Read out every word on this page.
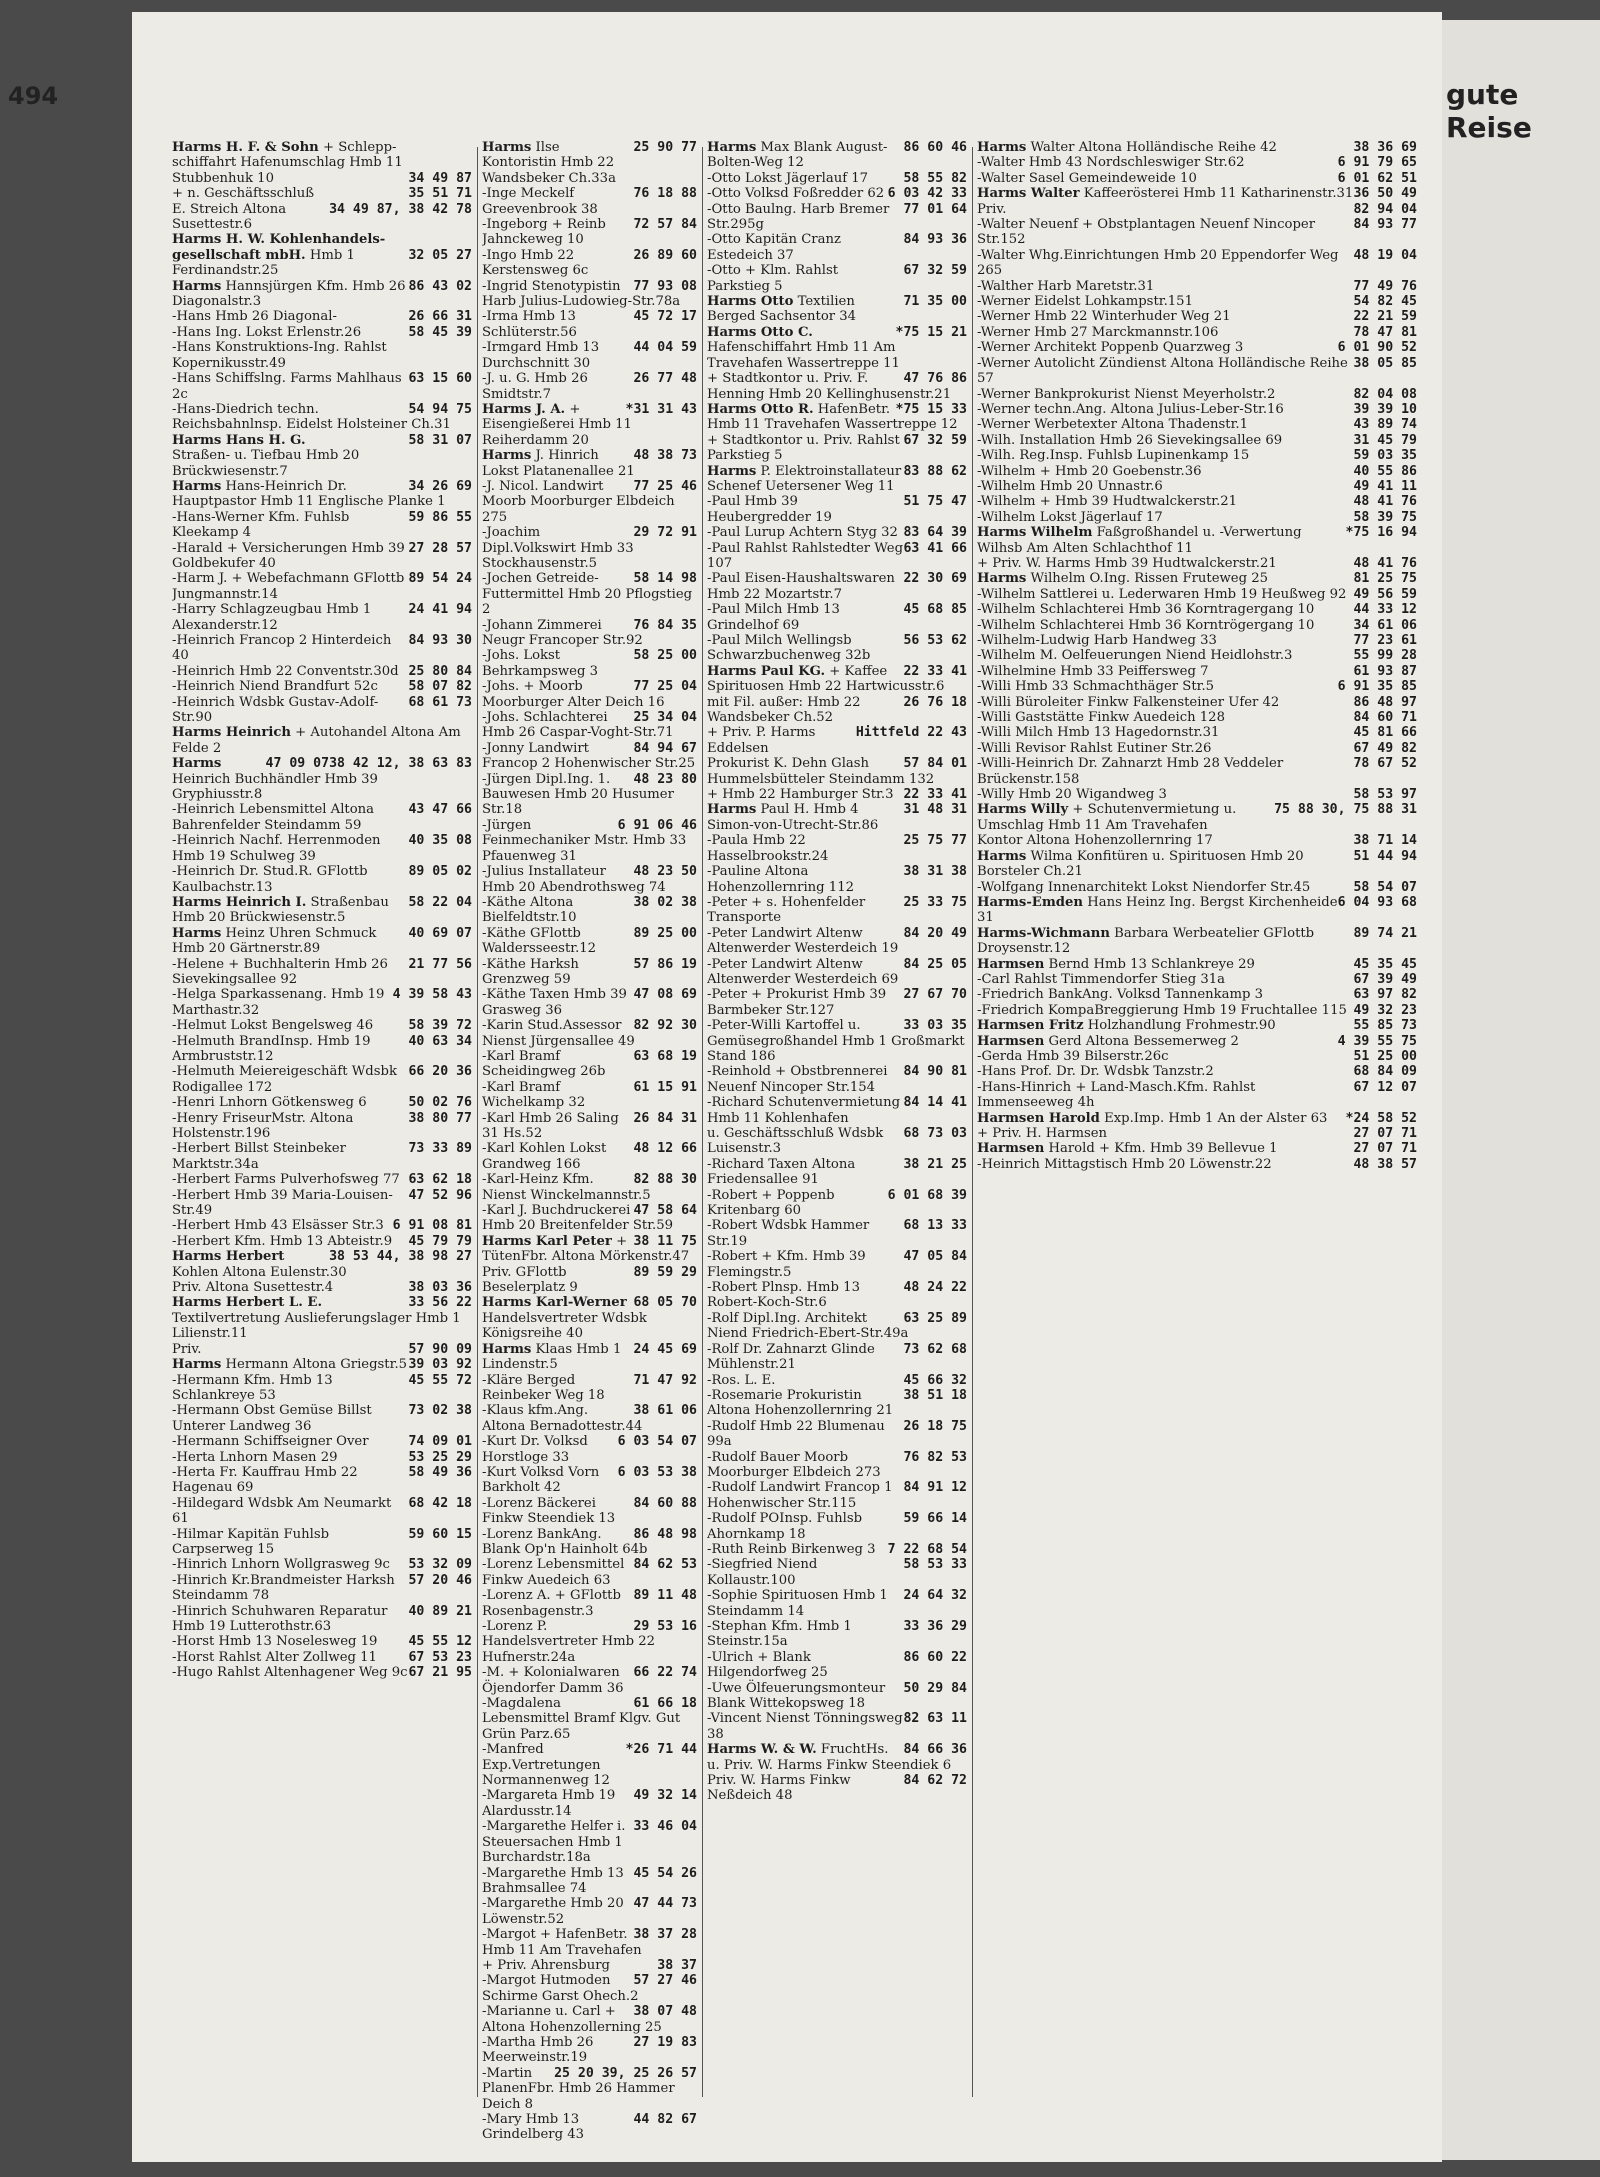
494
Harms H. F. & Sohn + Schlepp-
schiffahrt Hafenumschlag Hmb 11
34 49 87
Stubbenhuk 10
35 51 71
+ n. Geschäftsschluß
34 49 87, 38 42 78
E. Streich Altona Susettestr.6
Harms H. W. Kohlenhandels-
32 05 27
gesellschaft mbH. Hmb 1 Ferdinandstr.25
86 43 02
Harms Hannsjürgen Kfm. Hmb 26 Diagonalstr.3
26 66 31
-Hans Hmb 26 Diagonal-
58 45 39
-Hans Ing. Lokst Erlenstr.26
-Hans Konstruktions-Ing. Rahlst Kopernikusstr.49
63 15 60
-Hans Schiffslng. Farms Mahlhaus 2c
54 94 75
-Hans-Diedrich techn. Reichsbahnlnsp. Eidelst Holsteiner Ch.31
58 31 07
Harms Hans H. G.
Straßen- u. Tiefbau Hmb 20 Brückwiesenstr.7
34 26 69
Harms Hans-Heinrich Dr. Hauptpastor Hmb 11 Englische Planke 1
59 86 55
-Hans-Werner Kfm. Fuhlsb Kleekamp 4
27 28 57
-Harald + Versicherungen Hmb 39 Goldbekufer 40
89 54 24
-Harm J. + Webefachmann GFlottb Jungmannstr.14
24 41 94
-Harry Schlagzeugbau Hmb 1 Alexanderstr.12
84 93 30
-Heinrich Francop 2 Hinterdeich 40
25 80 84
-Heinrich Hmb 22 Conventstr.30d
58 07 82
-Heinrich Niend Brandfurt 52c
68 61 73
-Heinrich Wdsbk Gustav-Adolf-Str.90
Harms Heinrich + Autohandel Altona Am Felde 2
38 42 12, 38 63 83
47 09 07
Harms Heinrich Buchhändler Hmb 39 Gryphiusstr.8
43 47 66
-Heinrich Lebensmittel Altona Bahrenfelder Steindamm 59
40 35 08
-Heinrich Nachf. Herrenmoden Hmb 19 Schulweg 39
89 05 02
-Heinrich Dr. Stud.R. GFlottb Kaulbachstr.13
58 22 04
Harms Heinrich I. Straßenbau Hmb 20 Brückwiesenstr.5
40 69 07
Harms Heinz Uhren Schmuck Hmb 20 Gärtnerstr.89
21 77 56
-Helene + Buchhalterin Hmb 26 Sievekingsallee 92
4 39 58 43
-Helga Sparkassenang. Hmb 19 Marthastr.32
58 39 72
-Helmut Lokst Bengelsweg 46
40 63 34
-Helmuth BrandInsp. Hmb 19 Armbruststr.12
66 20 36
-Helmuth Meiereigeschäft Wdsbk Rodigallee 172
50 02 76
-Henri Lnhorn Götkensweg 6
38 80 77
-Henry FriseurMstr. Altona Holstenstr.196
73 33 89
-Herbert Billst Steinbeker Marktstr.34a
63 62 18
-Herbert Farms Pulverhofsweg 77
47 52 96
-Herbert Hmb 39 Maria-Louisen-Str.49
6 91 08 81
-Herbert Hmb 43 Elsässer Str.3
45 79 79
-Herbert Kfm. Hmb 13 Abteistr.9
38 53 44, 38 98 27
Harms Herbert Kohlen Altona Eulenstr.30
38 03 36
Priv. Altona Susettestr.4
33 56 22
Harms Herbert L. E. Textilvertretung Auslieferungslager Hmb 1 Lilienstr.11
57 90 09
Priv.
39 03 92
Harms Hermann Altona Griegstr.5
45 55 72
-Hermann Kfm. Hmb 13 Schlankreye 53
73 02 38
-Hermann Obst Gemüse Billst Unterer Landweg 36
74 09 01
-Hermann Schiffseigner Over
53 25 29
-Herta Lnhorn Masen 29
58 49 36
-Herta Fr. Kauffrau Hmb 22 Hagenau 69
68 42 18
-Hildegard Wdsbk Am Neumarkt 61
59 60 15
-Hilmar Kapitän Fuhlsb Carpserweg 15
53 32 09
-Hinrich Lnhorn Wollgrasweg 9c
57 20 46
-Hinrich Kr.Brandmeister Harksh Steindamm 78
40 89 21
-Hinrich Schuhwaren Reparatur Hmb 19 Lutterothstr.63
45 55 12
-Horst Hmb 13 Noselesweg 19
67 53 23
-Horst Rahlst Alter Zollweg 11
67 21 95
-Hugo Rahlst Altenhagener Weg 9c
25 90 77
Harms Ilse Kontoristin Hmb 22 Wandsbeker Ch.33a
76 18 88
-Inge Meckelf Greevenbrook 38
72 57 84
-Ingeborg + Reinb Jahnckeweg 10
26 89 60
-Ingo Hmb 22 Kerstensweg 6c
77 93 08
-Ingrid Stenotypistin Harb Julius-Ludowieg-Str.78a
45 72 17
-Irma Hmb 13 Schlüterstr.56
44 04 59
-Irmgard Hmb 13 Durchschnitt 30
26 77 48
-J. u. G. Hmb 26 Smidtstr.7
*31 31 43
Harms J. A. + Eisengießerei Hmb 11 Reiherdamm 20
48 38 73
Harms J. Hinrich Lokst Platanenallee 21
77 25 46
-J. Nicol. Landwirt Moorb Moorburger Elbdeich 275
29 72 91
-Joachim Dipl.Volkswirt Hmb 33 Stockhausenstr.5
58 14 98
-Jochen Getreide- Futtermittel Hmb 20 Pflogstieg 2
76 84 35
-Johann Zimmerei Neugr Francoper Str.92
58 25 00
-Johs. Lokst Behrkampsweg 3
77 25 04
-Johs. + Moorb Moorburger Alter Deich 16
25 34 04
-Johs. Schlachterei Hmb 26 Caspar-Voght-Str.71
84 94 67
-Jonny Landwirt Francop 2 Hohenwischer Str.25
48 23 80
-Jürgen Dipl.Ing. 1. Bauwesen Hmb 20 Husumer Str.18
6 91 06 46
-Jürgen Feinmechaniker Mstr. Hmb 33 Pfauenweg 31
48 23 50
-Julius Installateur Hmb 20 Abendrothsweg 74
38 02 38
-Käthe Altona Bielfeldtstr.10
89 25 00
-Käthe GFlottb Waldersseestr.12
57 86 19
-Käthe Harksh Grenzweg 59
47 08 69
-Käthe Taxen Hmb 39 Grasweg 36
82 92 30
-Karin Stud.Assessor Nienst Jürgensallee 49
63 68 19
-Karl Bramf Scheidingweg 26b
61 15 91
-Karl Bramf Wichelkamp 32
26 84 31
-Karl Hmb 26 Saling 31 Hs.52
48 12 66
-Karl Kohlen Lokst Grandweg 166
82 88 30
-Karl-Heinz Kfm. Nienst Winckelmannstr.5
47 58 64
-Karl J. Buchdruckerei Hmb 20 Breitenfelder Str.59
38 11 75
Harms Karl Peter + TütenFbr. Altona Mörkenstr.47
89 59 29
Priv. GFlottb Beselerplatz 9
68 05 70
Harms Karl-Werner Handelsvertreter Wdsbk Königsreihe 40
24 45 69
Harms Klaas Hmb 1 Lindenstr.5
71 47 92
-Kläre Berged Reinbeker Weg 18
38 61 06
-Klaus kfm.Ang. Altona Bernadottestr.44
6 03 54 07
-Kurt Dr. Volksd Horstloge 33
6 03 53 38
-Kurt Volksd Vorn Barkholt 42
84 60 88
-Lorenz Bäckerei Finkw Steendiek 13
86 48 98
-Lorenz BankAng. Blank Op'n Hainholt 64b
84 62 53
-Lorenz Lebensmittel Finkw Auedeich 63
89 11 48
-Lorenz A. + GFlottb Rosenbagenstr.3
29 53 16
-Lorenz P. Handelsvertreter Hmb 22 Hufnerstr.24a
66 22 74
-M. + Kolonialwaren Öjendorfer Damm 36
61 66 18
-Magdalena Lebensmittel Bramf Klgv. Gut Grün Parz.65
*26 71 44
-Manfred Exp.Vertretungen Normannenweg 12
49 32 14
-Margareta Hmb 19 Alardusstr.14
33 46 04
-Margarethe Helfer i. Steuersachen Hmb 1 Burchardstr.18a
45 54 26
-Margarethe Hmb 13 Brahmsallee 74
47 44 73
-Margarethe Hmb 20 Löwenstr.52
38 37 28
-Margot + HafenBetr. Hmb 11 Am Travehafen
38 37
+ Priv. Ahrensburg
57 27 46
-Margot Hutmoden Schirme Garst Ohech.2
38 07 48
-Marianne u. Carl + Altona Hohenzollerning 25
27 19 83
-Martha Hmb 26 Meerweinstr.19
25 20 39, 25 26 57
-Martin PlanenFbr. Hmb 26 Hammer Deich 8
44 82 67
-Mary Hmb 13 Grindelberg 43
86 60 46
Harms Max Blank August-Bolten-Weg 12
58 55 82
-Otto Lokst Jägerlauf 17
6 03 42 33
-Otto Volksd Foßredder 62
77 01 64
-Otto Baulng. Harb Bremer Str.295g
84 93 36
-Otto Kapitän Cranz Estedeich 37
67 32 59
-Otto + Klm. Rahlst Parkstieg 5
71 35 00
Harms Otto Textilien Berged Sachsentor 34
*75 15 21
Harms Otto C. Hafenschiffahrt Hmb 11 Am Travehafen Wassertreppe 11
47 76 86
+ Stadtkontor u. Priv. F. Henning Hmb 20 Kellinghusenstr.21
*75 15 33
Harms Otto R. HafenBetr. Hmb 11 Travehafen Wassertreppe 12
67 32 59
+ Stadtkontor u. Priv. Rahlst Parkstieg 5
83 88 62
Harms P. Elektroinstallateur Schenef Uetersener Weg 11
51 75 47
-Paul Hmb 39 Heubergredder 19
83 64 39
-Paul Lurup Achtern Styg 32
63 41 66
-Paul Rahlst Rahlstedter Weg 107
22 30 69
-Paul Eisen-Haushaltswaren Hmb 22 Mozartstr.7
45 68 85
-Paul Milch Hmb 13 Grindelhof 69
56 53 62
-Paul Milch Wellingsb Schwarzbuchenweg 32b
22 33 41
Harms Paul KG. + Kaffee Spirituosen Hmb 22 Hartwicusstr.6
26 76 18
mit Fil. außer: Hmb 22 Wandsbeker Ch.52
Hittfeld 22 43
+ Priv. P. Harms Eddelsen
57 84 01
Prokurist K. Dehn Glash Hummelsbütteler Steindamm 132
22 33 41
+ Hmb 22 Hamburger Str.3
31 48 31
Harms Paul H. Hmb 4 Simon-von-Utrecht-Str.86
25 75 77
-Paula Hmb 22 Hasselbrookstr.24
38 31 38
-Pauline Altona Hohenzollernring 112
25 33 75
-Peter + s. Hohenfelder Transporte
84 20 49
-Peter Landwirt Altenw Altenwerder Westerdeich 19
84 25 05
-Peter Landwirt Altenw Altenwerder Westerdeich 69
27 67 70
-Peter + Prokurist Hmb 39 Barmbeker Str.127
33 03 35
-Peter-Willi Kartoffel u. Gemüsegroßhandel Hmb 1 Großmarkt Stand 186
84 90 81
-Reinhold + Obstbrennerei Neuenf Nincoper Str.154
84 14 41
-Richard Schutenvermietung Hmb 11 Kohlenhafen
68 73 03
u. Geschäftsschluß Wdsbk Luisenstr.3
38 21 25
-Richard Taxen Altona Friedensallee 91
6 01 68 39
-Robert + Poppenb Kritenbarg 60
68 13 33
-Robert Wdsbk Hammer Str.19
47 05 84
-Robert + Kfm. Hmb 39 Flemingstr.5
48 24 22
-Robert Plnsp. Hmb 13 Robert-Koch-Str.6
63 25 89
-Rolf Dipl.Ing. Architekt Niend Friedrich-Ebert-Str.49a
73 62 68
-Rolf Dr. Zahnarzt Glinde Mühlenstr.21
45 66 32
-Ros. L. E.
38 51 18
-Rosemarie Prokuristin Altona Hohenzollernring 21
26 18 75
-Rudolf Hmb 22 Blumenau 99a
76 82 53
-Rudolf Bauer Moorb Moorburger Elbdeich 273
84 91 12
-Rudolf Landwirt Francop 1 Hohenwischer Str.115
59 66 14
-Rudolf POInsp. Fuhlsb Ahornkamp 18
7 22 68 54
-Ruth Reinb Birkenweg 3
58 53 33
-Siegfried Niend Kollaustr.100
24 64 32
-Sophie Spirituosen Hmb 1 Steindamm 14
33 36 29
-Stephan Kfm. Hmb 1 Steinstr.15a
86 60 22
-Ulrich + Blank Hilgendorfweg 25
50 29 84
-Uwe Ölfeuerungsmonteur Blank Wittekopsweg 18
82 63 11
-Vincent Nienst Tönningsweg 38
84 66 36
Harms W. & W. FruchtHs. u. Priv. W. Harms Finkw Steendiek 6
84 62 72
Priv. W. Harms Finkw Neßdeich 48
38 36 69
Harms Walter Altona Holländische Reihe 42
6 91 79 65
-Walter Hmb 43 Nordschleswiger Str.62
6 01 62 51
-Walter Sasel Gemeindeweide 10
36 50 49
Harms Walter Kaffeerösterei Hmb 11 Katharinenstr.31
82 94 04
Priv.
84 93 77
-Walter Neuenf + Obstplantagen Neuenf Nincoper Str.152
48 19 04
-Walter Whg.Einrichtungen Hmb 20 Eppendorfer Weg 265
77 49 76
-Walther Harb Maretstr.31
54 82 45
-Werner Eidelst Lohkampstr.151
22 21 59
-Werner Hmb 22 Winterhuder Weg 21
78 47 81
-Werner Hmb 27 Marckmannstr.106
6 01 90 52
-Werner Architekt Poppenb Quarzweg 3
38 05 85
-Werner Autolicht Zündienst Altona Holländische Reihe 57
82 04 08
-Werner Bankprokurist Nienst Meyerholstr.2
39 39 10
-Werner techn.Ang. Altona Julius-Leber-Str.16
43 89 74
-Werner Werbetexter Altona Thadenstr.1
31 45 79
-Wilh. Installation Hmb 26 Sievekingsallee 69
59 03 35
-Wilh. Reg.Insp. Fuhlsb Lupinenkamp 15
40 55 86
-Wilhelm + Hmb 20 Goebenstr.36
49 41 11
-Wilhelm Hmb 20 Unnastr.6
48 41 76
-Wilhelm + Hmb 39 Hudtwalckerstr.21
58 39 75
-Wilhelm Lokst Jägerlauf 17
*75 16 94
Harms Wilhelm Faßgroßhandel u. -Verwertung Wilhsb Am Alten Schlachthof 11
48 41 76
+ Priv. W. Harms Hmb 39 Hudtwalckerstr.21
81 25 75
Harms Wilhelm O.Ing. Rissen Fruteweg 25
49 56 59
-Wilhelm Sattlerei u. Lederwaren Hmb 19 Heußweg 92
44 33 12
-Wilhelm Schlachterei Hmb 36 Korntragergang 10
34 61 06
-Wilhelm Schlachterei Hmb 36 Korntrögergang 10
77 23 61
-Wilhelm-Ludwig Harb Handweg 33
55 99 28
-Wilhelm M. Oelfeuerungen Niend Heidlohstr.3
61 93 87
-Wilhelmine Hmb 33 Peiffersweg 7
6 91 35 85
-Willi Hmb 33 Schmachthäger Str.5
86 48 97
-Willi Büroleiter Finkw Falkensteiner Ufer 42
84 60 71
-Willi Gaststätte Finkw Auedeich 128
45 81 66
-Willi Milch Hmb 13 Hagedornstr.31
67 49 82
-Willi Revisor Rahlst Eutiner Str.26
78 67 52
-Willi-Heinrich Dr. Zahnarzt Hmb 28 Veddeler Brückenstr.158
58 53 97
-Willy Hmb 20 Wigandweg 3
75 88 30, 75 88 31
Harms Willy + Schutenvermietung u. Umschlag Hmb 11 Am Travehafen
38 71 14
Kontor Altona Hohenzollernring 17
51 44 94
Harms Wilma Konfitüren u. Spirituosen Hmb 20 Borsteler Ch.21
58 54 07
-Wolfgang Innenarchitekt Lokst Niendorfer Str.45
6 04 93 68
Harms-Emden Hans Heinz Ing. Bergst Kirchenheide 31
89 74 21
Harms-Wichmann Barbara Werbeatelier GFlottb Droysenstr.12
45 35 45
Harmsen Bernd Hmb 13 Schlankreye 29
67 39 49
-Carl Rahlst Timmendorfer Stieg 31a
63 97 82
-Friedrich BankAng. Volksd Tannenkamp 3
49 32 23
-Friedrich KompaBreggierung Hmb 19 Fruchtallee 115
55 85 73
Harmsen Fritz Holzhandlung Frohmestr.90
4 39 55 75
Harmsen Gerd Altona Bessemerweg 2
51 25 00
-Gerda Hmb 39 Bilserstr.26c
68 84 09
-Hans Prof. Dr. Dr. Wdsbk Tanzstr.2
67 12 07
-Hans-Hinrich + Land-Masch.Kfm. Rahlst Immenseeweg 4h
*24 58 52
Harmsen Harold Exp.Imp. Hmb 1 An der Alster 63
27 07 71
+ Priv. H. Harmsen
27 07 71
Harmsen Harold + Kfm. Hmb 39 Bellevue 1
48 38 57
-Heinrich Mittagstisch Hmb 20 Löwenstr.22
gute Reise
